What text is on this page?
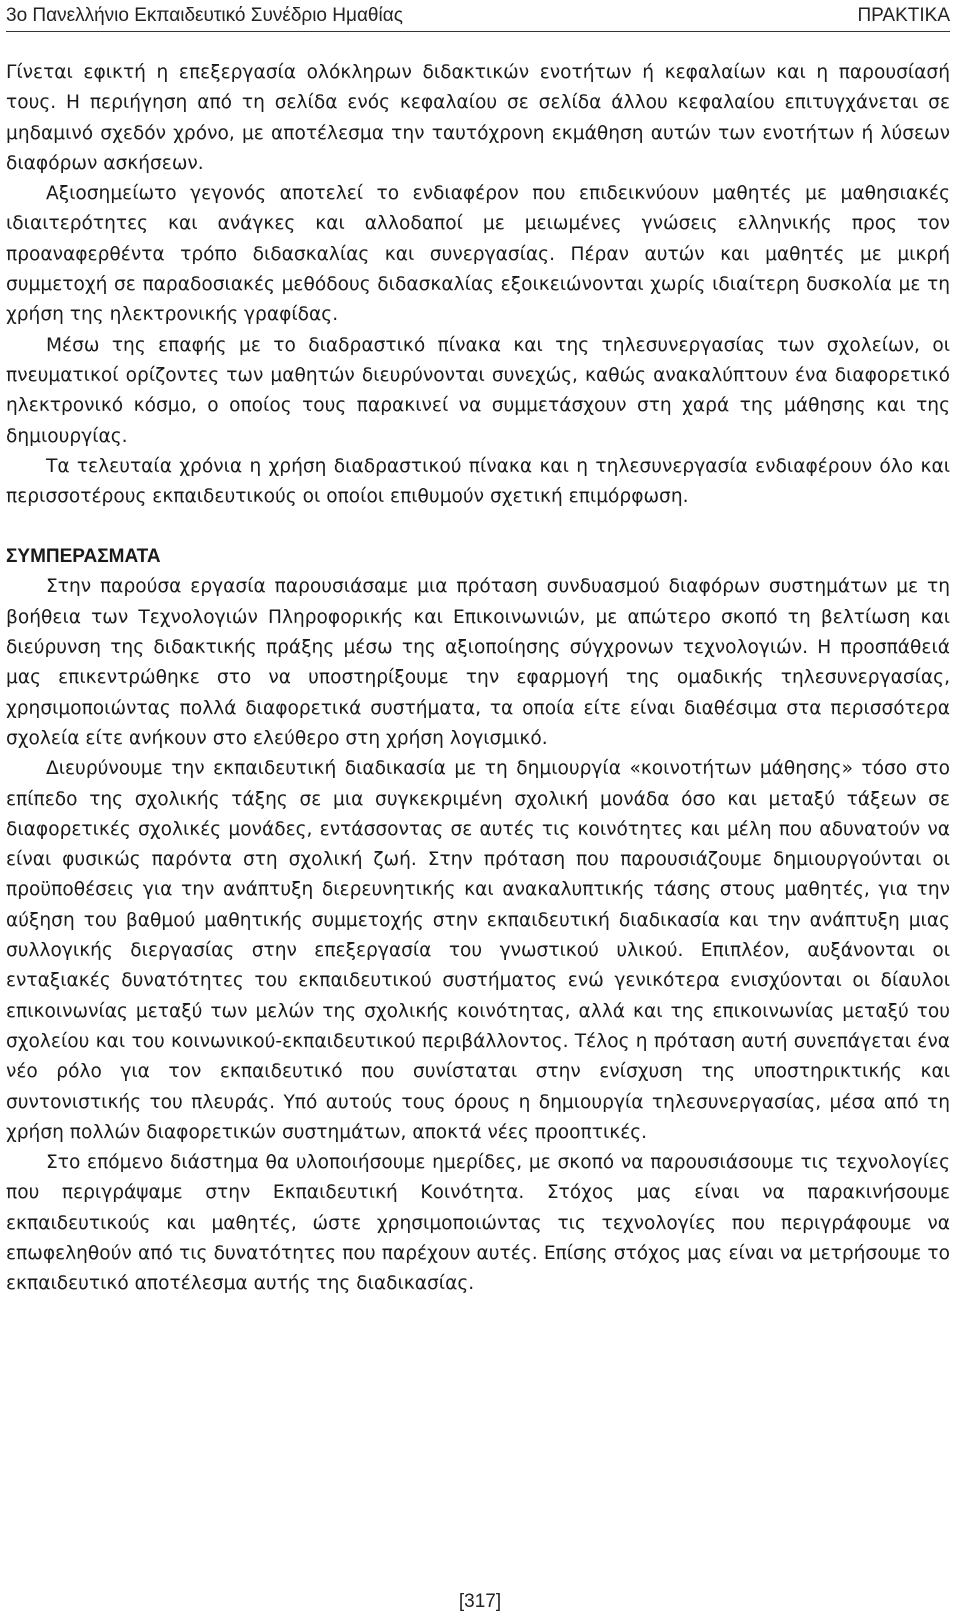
3ο Πανελλήνιο Εκπαιδευτικό Συνέδριο Ημαθίας	ΠΡΑΚΤΙΚΑ

Γίνεται εφικτή η επεξεργασία ολόκληρων διδακτικών ενοτήτων ή κεφαλαίων και η παρουσίασή τους. Η περιήγηση από τη σελίδα ενός κεφαλαίου σε σελίδα άλλου κεφαλαίου επιτυγχάνεται σε μηδαμινό σχεδόν χρόνο, με αποτέλεσμα την ταυτόχρονη εκμάθηση αυτών των ενοτήτων ή λύσεων διαφόρων ασκήσεων.

Αξιοσημείωτο γεγονός αποτελεί το ενδιαφέρον που επιδεικνύουν μαθητές με μαθησιακές ιδιαιτερότητες και ανάγκες και αλλοδαποί με μειωμένες γνώσεις ελληνικής προς τον προαναφερθέντα τρόπο διδασκαλίας και συνεργασίας. Πέραν αυτών και μαθητές με μικρή συμμετοχή σε παραδοσιακές μεθόδους διδασκαλίας εξοικειώνονται χωρίς ιδιαίτερη δυσκολία με τη χρήση της ηλεκτρονικής γραφίδας.

Μέσω της επαφής με το διαδραστικό πίνακα και της τηλεσυνεργασίας των σχολείων, οι πνευματικοί ορίζοντες των μαθητών διευρύνονται συνεχώς, καθώς ανακαλύπτουν ένα διαφορετικό ηλεκτρονικό κόσμο, ο οποίος τους παρακινεί να συμμετάσχουν στη χαρά της μάθησης και της δημιουργίας.

Τα τελευταία χρόνια η χρήση διαδραστικού πίνακα και η τηλεσυνεργασία ενδιαφέρουν όλο και περισσοτέρους εκπαιδευτικούς οι οποίοι επιθυμούν σχετική επιμόρφωση.

ΣΥΜΠΕΡΑΣΜΑΤΑ

Στην παρούσα εργασία παρουσιάσαμε μια πρόταση συνδυασμού διαφόρων συστημάτων με τη βοήθεια των Τεχνολογιών Πληροφορικής και Επικοινωνιών, με απώτερο σκοπό τη βελτίωση και διεύρυνση της διδακτικής πράξης μέσω της αξιοποίησης σύγχρονων τεχνολογιών. Η προσπάθειά μας επικεντρώθηκε στο να υποστηρίξουμε την εφαρμογή της ομαδικής τηλεσυνεργασίας, χρησιμοποιώντας πολλά διαφορετικά συστήματα, τα οποία είτε είναι διαθέσιμα στα περισσότερα σχολεία είτε ανήκουν στο ελεύθερο στη χρήση λογισμικό.

Διευρύνουμε την εκπαιδευτική διαδικασία με τη δημιουργία «κοινοτήτων μάθησης» τόσο στο επίπεδο της σχολικής τάξης σε μια συγκεκριμένη σχολική μονάδα όσο και μεταξύ τάξεων σε διαφορετικές σχολικές μονάδες, εντάσσοντας σε αυτές τις κοινότητες και μέλη που αδυνατούν να είναι φυσικώς παρόντα στη σχολική ζωή. Στην πρόταση που παρουσιάζουμε δημιουργούνται οι προϋποθέσεις για την ανάπτυξη διερευνητικής και ανακαλυπτικής τάσης στους μαθητές, για την αύξηση του βαθμού μαθητικής συμμετοχής στην εκπαιδευτική διαδικασία και την ανάπτυξη μιας συλλογικής διεργασίας στην επεξεργασία του γνωστικού υλικού. Επιπλέον, αυξάνονται οι ενταξιακές δυνατότητες του εκπαιδευτικού συστήματος ενώ γενικότερα ενισχύονται οι δίαυλοι επικοινωνίας μεταξύ των μελών της σχολικής κοινότητας, αλλά και της επικοινωνίας μεταξύ του σχολείου και του κοινωνικού-εκπαιδευτικού περιβάλλοντος. Τέλος η πρόταση αυτή συνεπάγεται ένα νέο ρόλο για τον εκπαιδευτικό που συνίσταται στην ενίσχυση της υποστηρικτικής και συντονιστικής του πλευράς. Υπό αυτούς τους όρους η δημιουργία τηλεσυνεργασίας, μέσα από τη χρήση πολλών διαφορετικών συστημάτων, αποκτά νέες προοπτικές.

Στο επόμενο διάστημα θα υλοποιήσουμε ημερίδες, με σκοπό να παρουσιάσουμε τις τεχνολογίες που περιγράψαμε στην Εκπαιδευτική Κοινότητα. Στόχος μας είναι να παρακινήσουμε εκπαιδευτικούς και μαθητές, ώστε χρησιμοποιώντας τις τεχνολογίες που περιγράφουμε να επωφεληθούν από τις δυνατότητες που παρέχουν αυτές. Επίσης στόχος μας είναι να μετρήσουμε το εκπαιδευτικό αποτέλεσμα αυτής της διαδικασίας.

[317]
